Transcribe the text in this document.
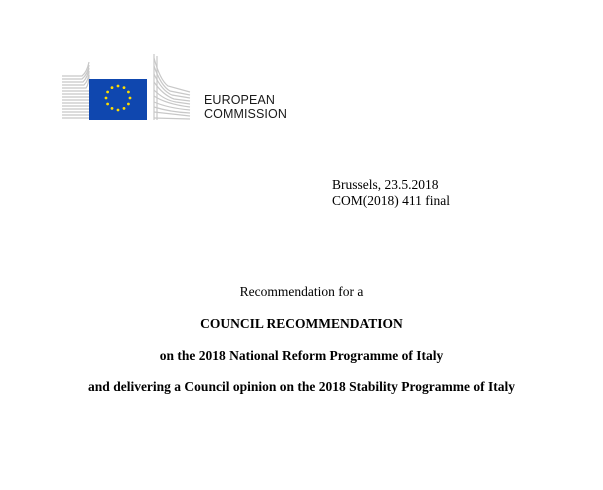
EUROPEAN
COMMISSION
Brussels, 23.5.2018
COM(2018) 411 final
Recommendation for a
COUNCIL RECOMMENDATION
on the 2018 National Reform Programme of Italy
and delivering a Council opinion on the 2018 Stability Programme of Italy
